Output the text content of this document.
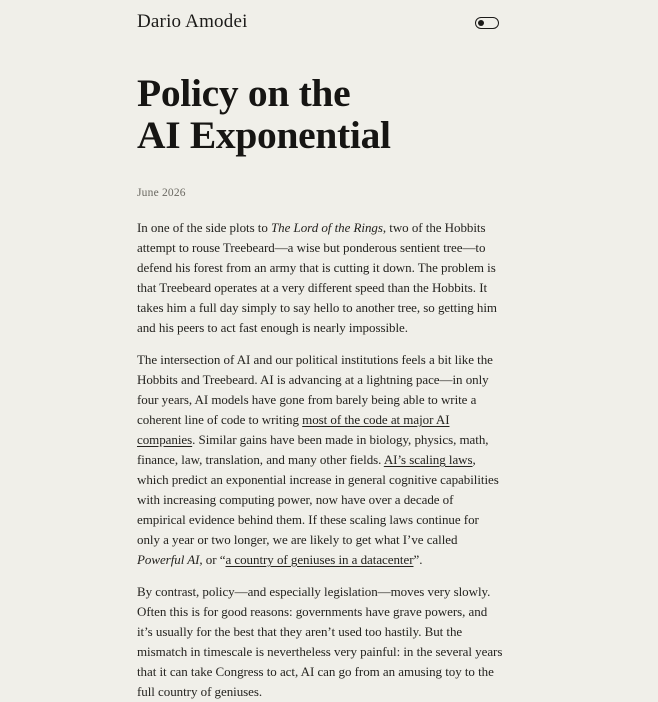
Dario Amodei
Policy on the
AI Exponential
June 2026

In one of the side plots to The Lord of the Rings, two of the Hobbits attempt to rouse Treebeard—a wise but ponderous sentient tree—to defend his forest from an army that is cutting it down. The problem is that Treebeard operates at a very different speed than the Hobbits. It takes him a full day simply to say hello to another tree, so getting him and his peers to act fast enough is nearly impossible.

The intersection of AI and our political institutions feels a bit like the Hobbits and Treebeard. AI is advancing at a lightning pace—in only four years, AI models have gone from barely being able to write a coherent line of code to writing most of the code at major AI companies. Similar gains have been made in biology, physics, math, finance, law, translation, and many other fields. AI’s scaling laws, which predict an exponential increase in general cognitive capabilities with increasing computing power, now have over a decade of empirical evidence behind them. If these scaling laws continue for only a year or two longer, we are likely to get what I’ve called Powerful AI, or “a country of geniuses in a datacenter”.

By contrast, policy—and especially legislation—moves very slowly. Often this is for good reasons: governments have grave powers, and it’s usually for the best that they aren’t used too hastily. But the mismatch in timescale is nevertheless very painful: in the several years that it can take Congress to act, AI can go from an amusing toy to the full country of geniuses.
